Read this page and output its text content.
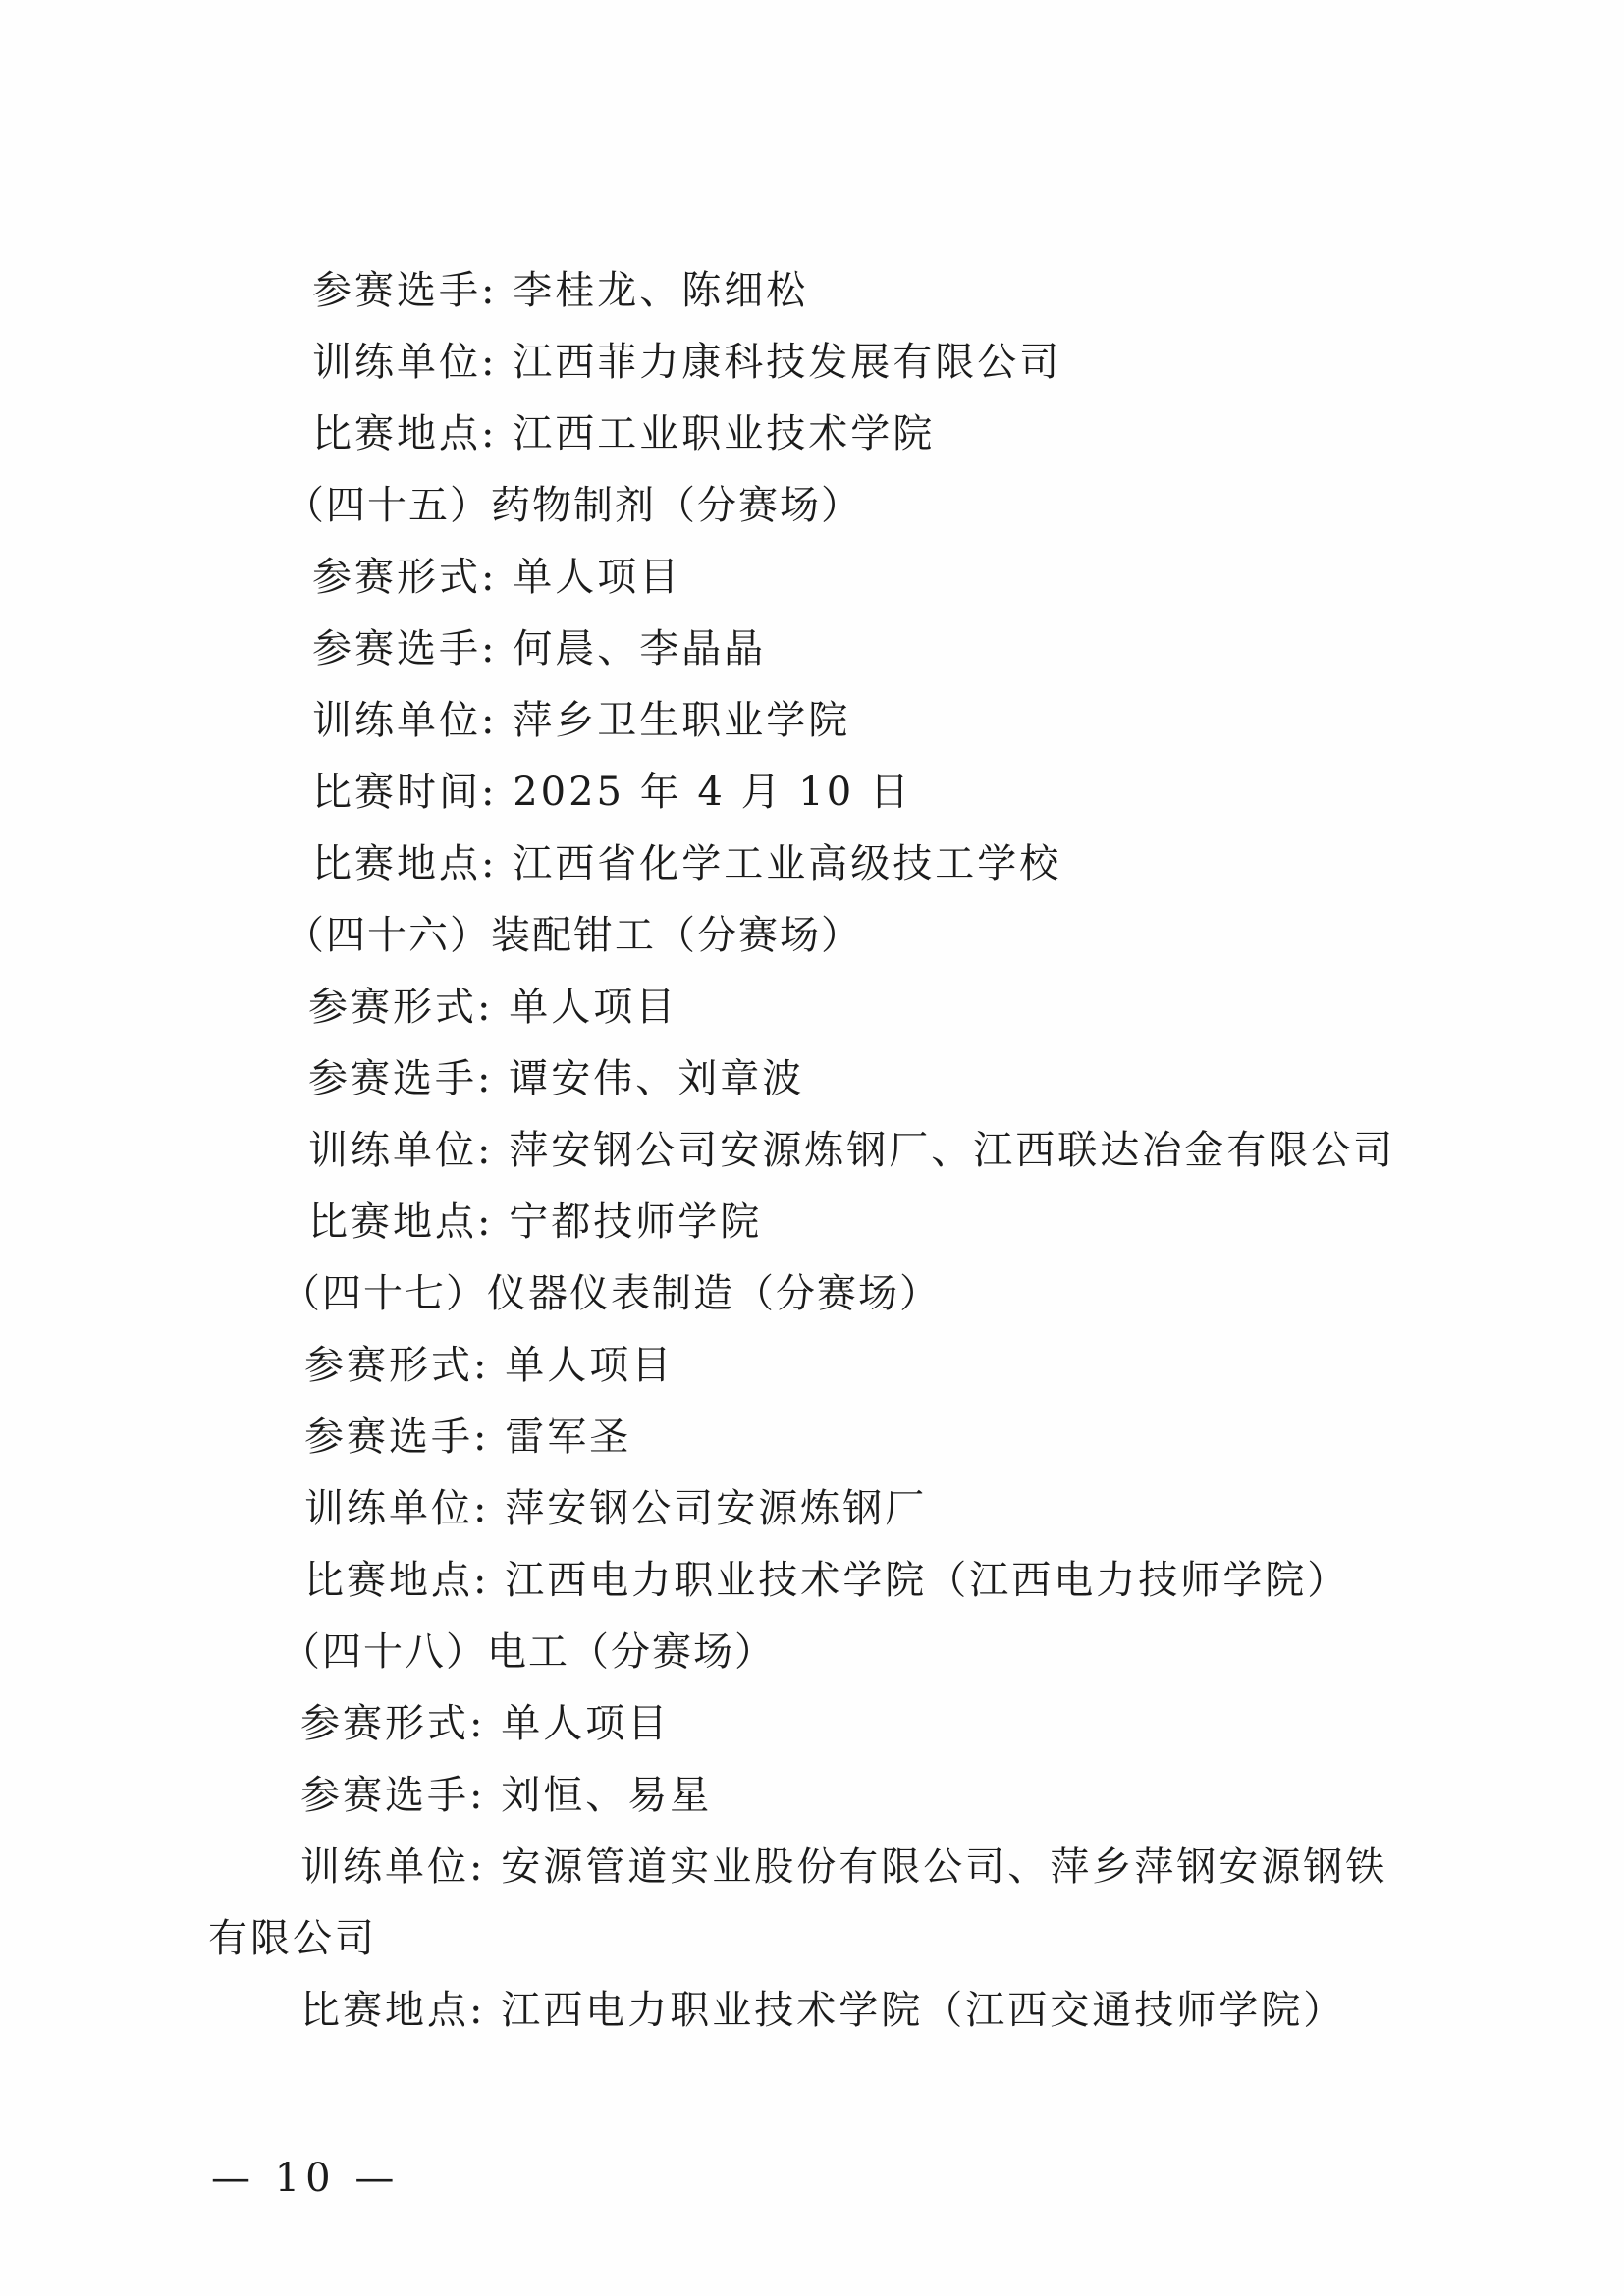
参赛选手: 李桂龙、陈细松
训练单位: 江西菲力康科技发展有限公司
比赛地点: 江西工业职业技术学院
（四十五）药物制剂（分赛场）
参赛形式: 单人项目
参赛选手: 何晨、李晶晶
训练单位: 萍乡卫生职业学院
比赛时间: 2025 年 4 月 10 日
比赛地点: 江西省化学工业高级技工学校
（四十六）装配钳工（分赛场）
参赛形式: 单人项目
参赛选手: 谭安伟、刘章波
训练单位: 萍安钢公司安源炼钢厂、江西联达冶金有限公司
比赛地点: 宁都技师学院
（四十七）仪器仪表制造（分赛场）
参赛形式: 单人项目
参赛选手: 雷军圣
训练单位: 萍安钢公司安源炼钢厂
比赛地点: 江西电力职业技术学院（江西电力技师学院）
（四十八）电工（分赛场）
参赛形式: 单人项目
参赛选手: 刘恒、易星
训练单位: 安源管道实业股份有限公司、萍乡萍钢安源钢铁
有限公司
比赛地点: 江西电力职业技术学院（江西交通技师学院）
— 10 —
